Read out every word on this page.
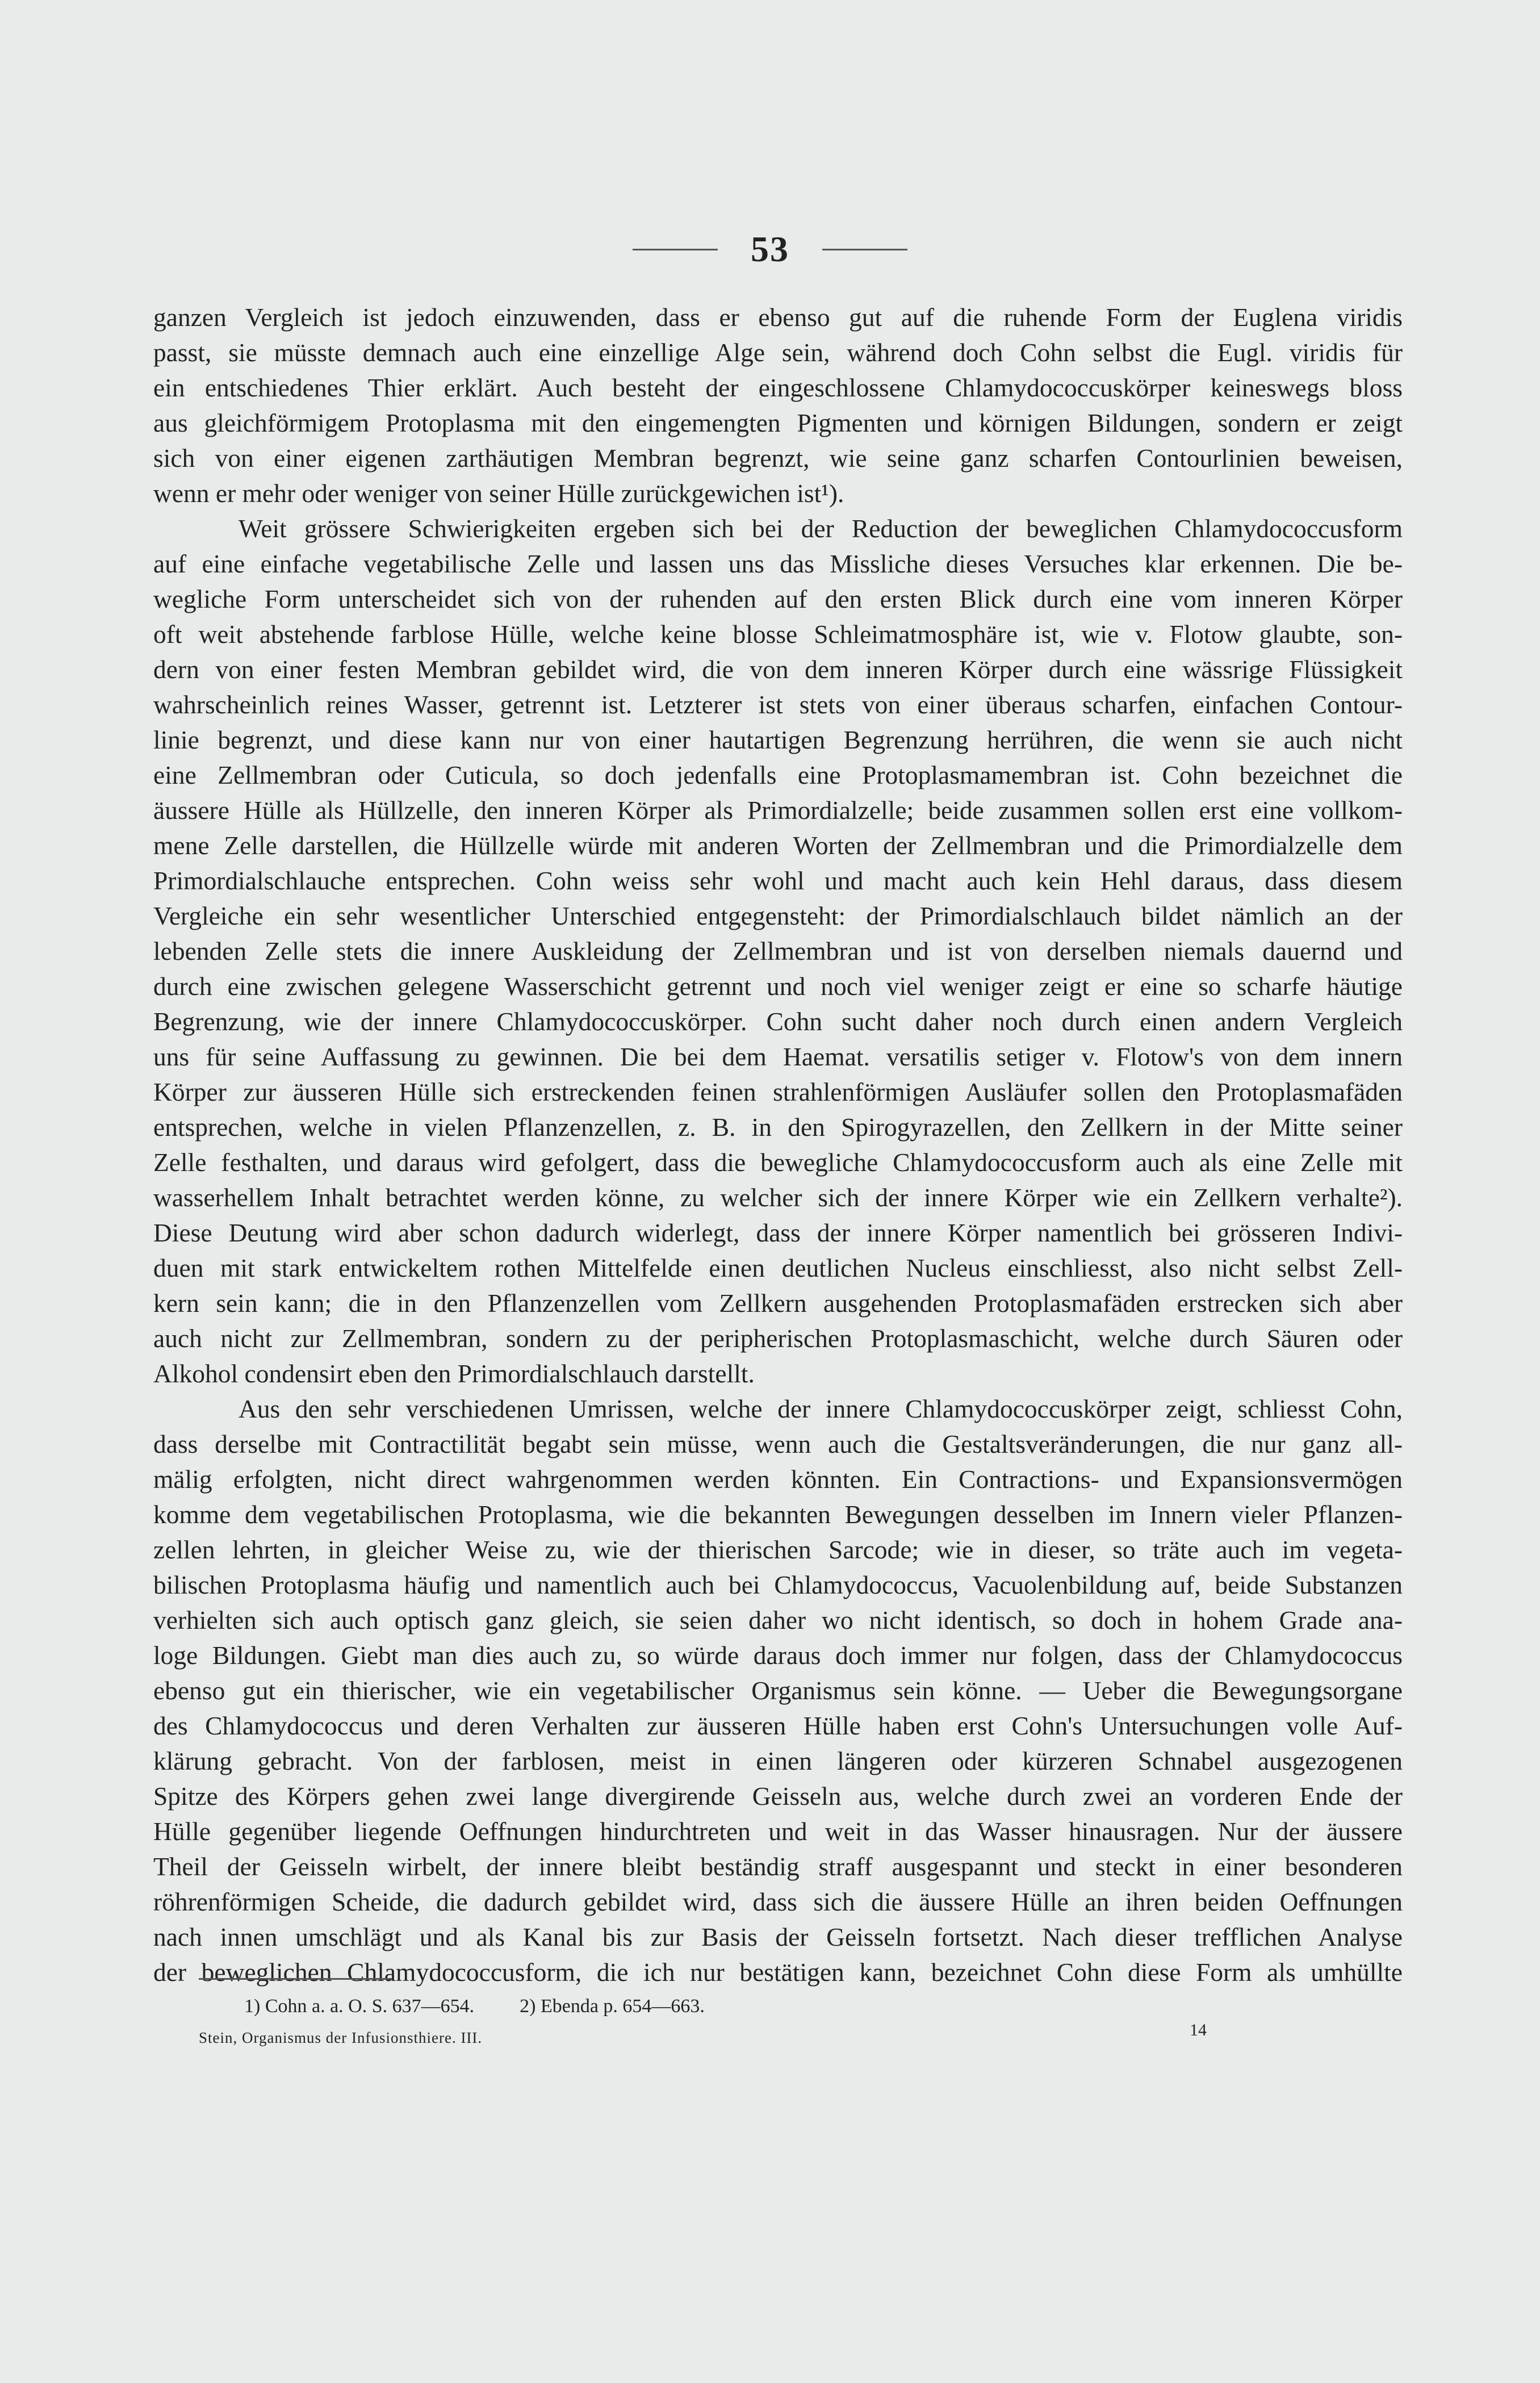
53
ganzen Vergleich ist jedoch einzuwenden, dass er ebenso gut auf die ruhende Form der Euglena viridis
passt, sie müsste demnach auch eine einzellige Alge sein, während doch Cohn selbst die Eugl. viridis für
ein entschiedenes Thier erklärt. Auch besteht der eingeschlossene Chlamydococcuskörper keineswegs bloss
aus gleichförmigem Protoplasma mit den eingemengten Pigmenten und körnigen Bildungen, sondern er zeigt
sich von einer eigenen zarthäutigen Membran begrenzt, wie seine ganz scharfen Contourlinien beweisen,
wenn er mehr oder weniger von seiner Hülle zurückgewichen ist¹).
Weit grössere Schwierigkeiten ergeben sich bei der Reduction der beweglichen Chlamydococcusform
auf eine einfache vegetabilische Zelle und lassen uns das Missliche dieses Versuches klar erkennen. Die be-
wegliche Form unterscheidet sich von der ruhenden auf den ersten Blick durch eine vom inneren Körper
oft weit abstehende farblose Hülle, welche keine blosse Schleimatmosphäre ist, wie v. Flotow glaubte, son-
dern von einer festen Membran gebildet wird, die von dem inneren Körper durch eine wässrige Flüssigkeit
wahrscheinlich reines Wasser, getrennt ist. Letzterer ist stets von einer überaus scharfen, einfachen Contour-
linie begrenzt, und diese kann nur von einer hautartigen Begrenzung herrühren, die wenn sie auch nicht
eine Zellmembran oder Cuticula, so doch jedenfalls eine Protoplasmamembran ist. Cohn bezeichnet die
äussere Hülle als Hüllzelle, den inneren Körper als Primordialzelle; beide zusammen sollen erst eine vollkom-
mene Zelle darstellen, die Hüllzelle würde mit anderen Worten der Zellmembran und die Primordialzelle dem
Primordialschlauche entsprechen. Cohn weiss sehr wohl und macht auch kein Hehl daraus, dass diesem
Vergleiche ein sehr wesentlicher Unterschied entgegensteht: der Primordialschlauch bildet nämlich an der
lebenden Zelle stets die innere Auskleidung der Zellmembran und ist von derselben niemals dauernd und
durch eine zwischen gelegene Wasserschicht getrennt und noch viel weniger zeigt er eine so scharfe häutige
Begrenzung, wie der innere Chlamydococcuskörper. Cohn sucht daher noch durch einen andern Vergleich
uns für seine Auffassung zu gewinnen. Die bei dem Haemat. versatilis setiger v. Flotow's von dem innern
Körper zur äusseren Hülle sich erstreckenden feinen strahlenförmigen Ausläufer sollen den Protoplasmafäden
entsprechen, welche in vielen Pflanzenzellen, z. B. in den Spirogyrazellen, den Zellkern in der Mitte seiner
Zelle festhalten, und daraus wird gefolgert, dass die bewegliche Chlamydococcusform auch als eine Zelle mit
wasserhellem Inhalt betrachtet werden könne, zu welcher sich der innere Körper wie ein Zellkern verhalte²).
Diese Deutung wird aber schon dadurch widerlegt, dass der innere Körper namentlich bei grösseren Indivi-
duen mit stark entwickeltem rothen Mittelfelde einen deutlichen Nucleus einschliesst, also nicht selbst Zell-
kern sein kann; die in den Pflanzenzellen vom Zellkern ausgehenden Protoplasmafäden erstrecken sich aber
auch nicht zur Zellmembran, sondern zu der peripherischen Protoplasmaschicht, welche durch Säuren oder
Alkohol condensirt eben den Primordialschlauch darstellt.
Aus den sehr verschiedenen Umrissen, welche der innere Chlamydococcuskörper zeigt, schliesst Cohn,
dass derselbe mit Contractilität begabt sein müsse, wenn auch die Gestaltsveränderungen, die nur ganz all-
mälig erfolgten, nicht direct wahrgenommen werden könnten. Ein Contractions- und Expansionsvermögen
komme dem vegetabilischen Protoplasma, wie die bekannten Bewegungen desselben im Innern vieler Pflanzen-
zellen lehrten, in gleicher Weise zu, wie der thierischen Sarcode; wie in dieser, so träte auch im vegeta-
bilischen Protoplasma häufig und namentlich auch bei Chlamydococcus, Vacuolenbildung auf, beide Substanzen
verhielten sich auch optisch ganz gleich, sie seien daher wo nicht identisch, so doch in hohem Grade ana-
loge Bildungen. Giebt man dies auch zu, so würde daraus doch immer nur folgen, dass der Chlamydococcus
ebenso gut ein thierischer, wie ein vegetabilischer Organismus sein könne. — Ueber die Bewegungsorgane
des Chlamydococcus und deren Verhalten zur äusseren Hülle haben erst Cohn's Untersuchungen volle Auf-
klärung gebracht. Von der farblosen, meist in einen längeren oder kürzeren Schnabel ausgezogenen
Spitze des Körpers gehen zwei lange divergirende Geisseln aus, welche durch zwei an vorderen Ende der
Hülle gegenüber liegende Oeffnungen hindurchtreten und weit in das Wasser hinausragen. Nur der äussere
Theil der Geisseln wirbelt, der innere bleibt beständig straff ausgespannt und steckt in einer besonderen
röhrenförmigen Scheide, die dadurch gebildet wird, dass sich die äussere Hülle an ihren beiden Oeffnungen
nach innen umschlägt und als Kanal bis zur Basis der Geisseln fortsetzt. Nach dieser trefflichen Analyse
der beweglichen Chlamydococcusform, die ich nur bestätigen kann, bezeichnet Cohn diese Form als umhüllte
1) Cohn a. a. O. S. 637—654. 2) Ebenda p. 654—663.
Stein, Organismus der Infusionsthiere. III.	14
